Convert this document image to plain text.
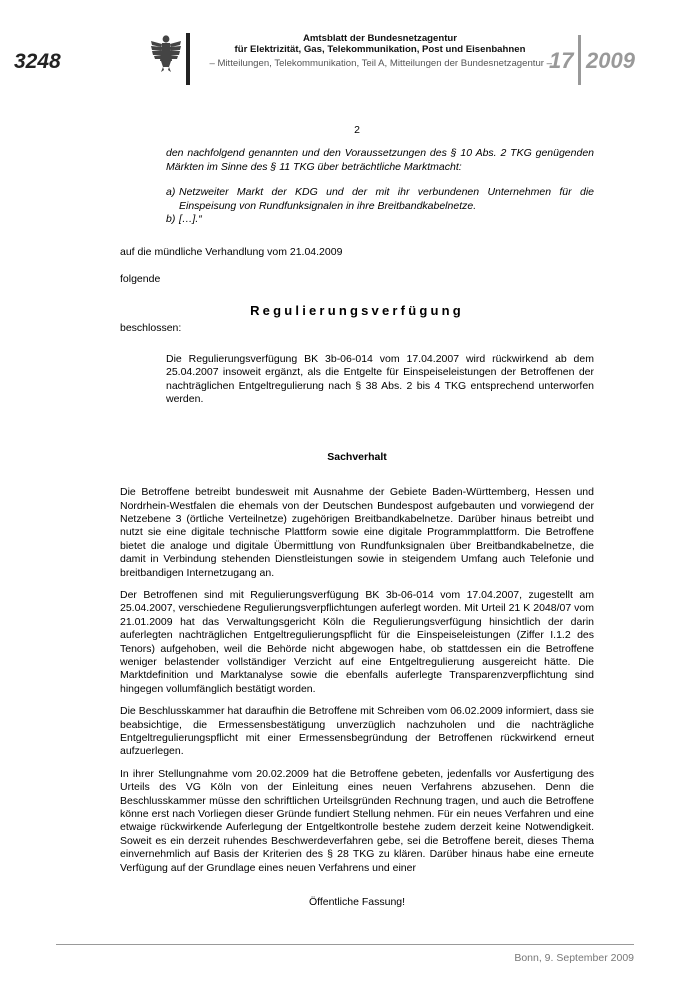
3248
Amtsblatt der Bundesnetzagentur
für Elektrizität, Gas, Telekommunikation, Post und Eisenbahnen
– Mitteilungen, Telekommunikation, Teil A, Mitteilungen der Bundesnetzagentur –
17 2009
2
den nachfolgend genannten und den Voraussetzungen des § 10 Abs. 2 TKG genügenden Märkten im Sinne des § 11 TKG über beträchtliche Marktmacht:
a) Netzweiter Markt der KDG und der mit ihr verbundenen Unternehmen für die Einspeisung von Rundfunksignalen in ihre Breitbandkabelnetze.
b) […].“
auf die mündliche Verhandlung vom 21.04.2009
folgende
Regulierungsverfügung
beschlossen:
Die Regulierungsverfügung BK 3b-06-014 vom 17.04.2007 wird rückwirkend ab dem 25.04.2007 insoweit ergänzt, als die Entgelte für Einspeiseleistungen der Betroffenen der nachträglichen Entgeltregulierung nach § 38 Abs. 2 bis 4 TKG entsprechend unterworfen werden.
Sachverhalt

Die Betroffene betreibt bundesweit mit Ausnahme der Gebiete Baden-Württemberg, Hessen und Nordrhein-Westfalen die ehemals von der Deutschen Bundespost aufgebauten und vorwiegend der Netzebene 3 (örtliche Verteilnetze) zugehörigen Breitbandkabelnetze. Darüber hinaus betreibt und nutzt sie eine digitale technische Plattform sowie eine digitale Programmplattform. Die Betroffene bietet die analoge und digitale Übermittlung von Rundfunksignalen über Breitbandkabelnetze, die damit in Verbindung stehenden Dienstleistungen sowie in steigendem Umfang auch Telefonie und breitbandigen Internetzugang an.

Der Betroffenen sind mit Regulierungsverfügung BK 3b-06-014 vom 17.04.2007, zugestellt am 25.04.2007, verschiedene Regulierungsverpflichtungen auferlegt worden. Mit Urteil 21 K 2048/07 vom 21.01.2009 hat das Verwaltungsgericht Köln die Regulierungsverfügung hinsichtlich der darin auferlegten nachträglichen Entgeltregulierungspflicht für die Einspeiseleistungen (Ziffer I.1.2 des Tenors) aufgehoben, weil die Behörde nicht abgewogen habe, ob stattdessen ein die Betroffene weniger belastender vollständiger Verzicht auf eine Entgeltregulierung ausgereicht hätte. Die Marktdefinition und Marktanalyse sowie die ebenfalls auferlegte Transparenzverpflichtung sind hingegen vollumfänglich bestätigt worden.

Die Beschlusskammer hat daraufhin die Betroffene mit Schreiben vom 06.02.2009 informiert, dass sie beabsichtige, die Ermessensbestätigung unverzüglich nachzuholen und die nachträgliche Entgeltregulierungspflicht mit einer Ermessensbegründung der Betroffenen rückwirkend erneut aufzuerlegen.

In ihrer Stellungnahme vom 20.02.2009 hat die Betroffene gebeten, jedenfalls vor Ausfertigung des Urteils des VG Köln von der Einleitung eines neuen Verfahrens abzusehen. Denn die Beschlusskammer müsse den schriftlichen Urteilsgründen Rechnung tragen, und auch die Betroffene könne erst nach Vorliegen dieser Gründe fundiert Stellung nehmen. Für ein neues Verfahren und eine etwaige rückwirkende Auferlegung der Entgeltkontrolle bestehe zudem derzeit keine Notwendigkeit. Soweit es ein derzeit ruhendes Beschwerdeverfahren gebe, sei die Betroffene bereit, dieses Thema einvernehmlich auf Basis der Kriterien des § 28 TKG zu klären. Darüber hinaus habe eine erneute Verfügung auf der Grundlage eines neuen Verfahrens und einer

Öffentliche Fassung!
Bonn, 9. September 2009
